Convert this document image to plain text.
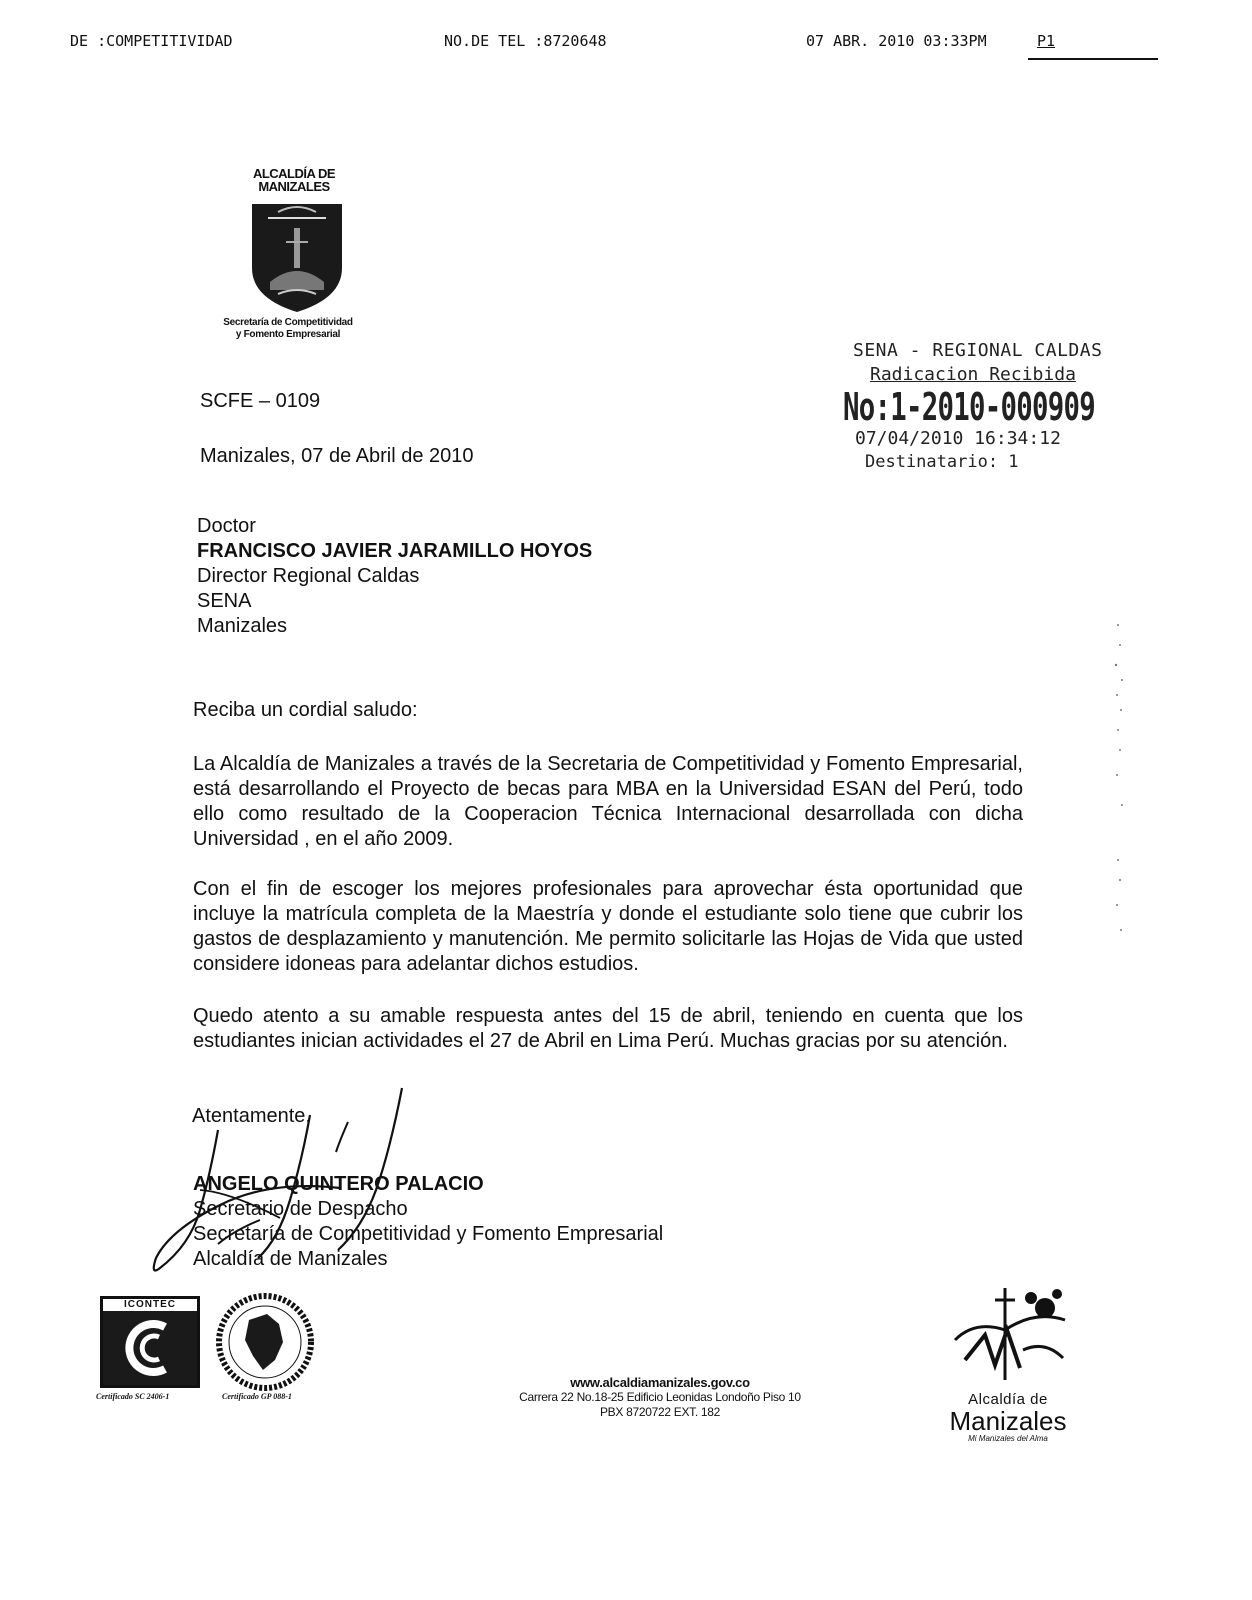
DE :COMPETITIVIDAD	NO.DE TEL :8720648	07 ABR. 2010 03:33PM	P1
ALCALDÍA DE
MANIZALES
Secretaría de Competitividad
y Fomento Empresarial
SENA - REGIONAL CALDAS
Radicacion Recibida
No:1-2010-000909
07/04/2010 16:34:12
Destinatario: 1
SCFE – 0109
Manizales, 07 de Abril de 2010
Doctor
FRANCISCO JAVIER JARAMILLO HOYOS
Director Regional Caldas
SENA
Manizales
Reciba un cordial saludo:
La Alcaldía de Manizales a través de la Secretaria de Competitividad y Fomento Empresarial, está desarrollando el Proyecto de becas para MBA en la Universidad ESAN del Perú, todo ello como resultado de la Cooperacion Técnica Internacional desarrollada con dicha Universidad , en el año 2009.
Con el fin de escoger los mejores profesionales para aprovechar ésta oportunidad que incluye la matrícula completa de la Maestría y donde el estudiante solo tiene que cubrir los gastos de desplazamiento y manutención. Me permito solicitarle las Hojas de Vida que usted considere idoneas para adelantar dichos estudios.
Quedo atento a su amable respuesta antes del 15 de abril, teniendo en cuenta que los estudiantes inician actividades el 27 de Abril en Lima Perú. Muchas gracias por su atención.
Atentamente,
ANGELO QUINTERO PALACIO
Secretario de Despacho
Secretaría de Competitividad y Fomento Empresarial
Alcaldía de Manizales
ICONTEC
Certificado SC 2406-1	Certificado GP 088-1
www.alcaldiamanizales.gov.co
Carrera 22 No.18-25 Edificio Leonidas Londoño Piso 10
PBX 8720722 EXT. 182
Alcaldía de
Manizales
Mi Manizales del Alma
